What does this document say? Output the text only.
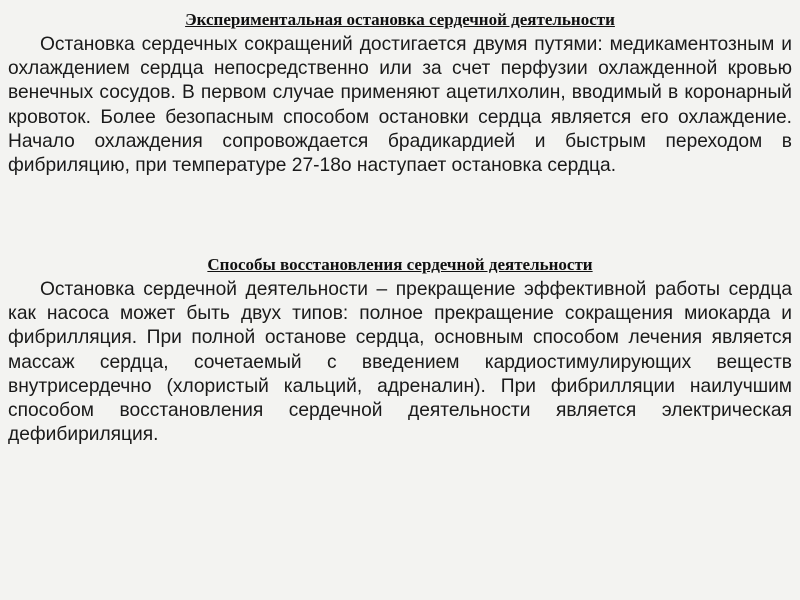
Экспериментальная остановка сердечной деятельности

Остановка сердечных сокращений достигается двумя путями: медикаментозным и охлаждением сердца непосредственно или за счет перфузии охлажденной кровью венечных сосудов. В первом случае применяют ацетилхолин, вводимый в коронарный кровоток. Более безопасным способом остановки сердца является его охлаждение. Начало охлаждения сопровождается брадикардией и быстрым переходом в фибриляцию, при температуре 27-18о наступает остановка сердца.

Способы восстановления сердечной деятельности

Остановка сердечной деятельности – прекращение эффективной работы сердца как насоса может быть двух типов: полное прекращение сокращения миокарда и фибрилляция. При полной останове сердца, основным способом лечения является массаж сердца, сочетаемый с введением кардиостимулирующих веществ внутрисердечно (хлористый кальций, адреналин). При фибрилляции наилучшим способом восстановления сердечной деятельности является электрическая дефибириляция.
